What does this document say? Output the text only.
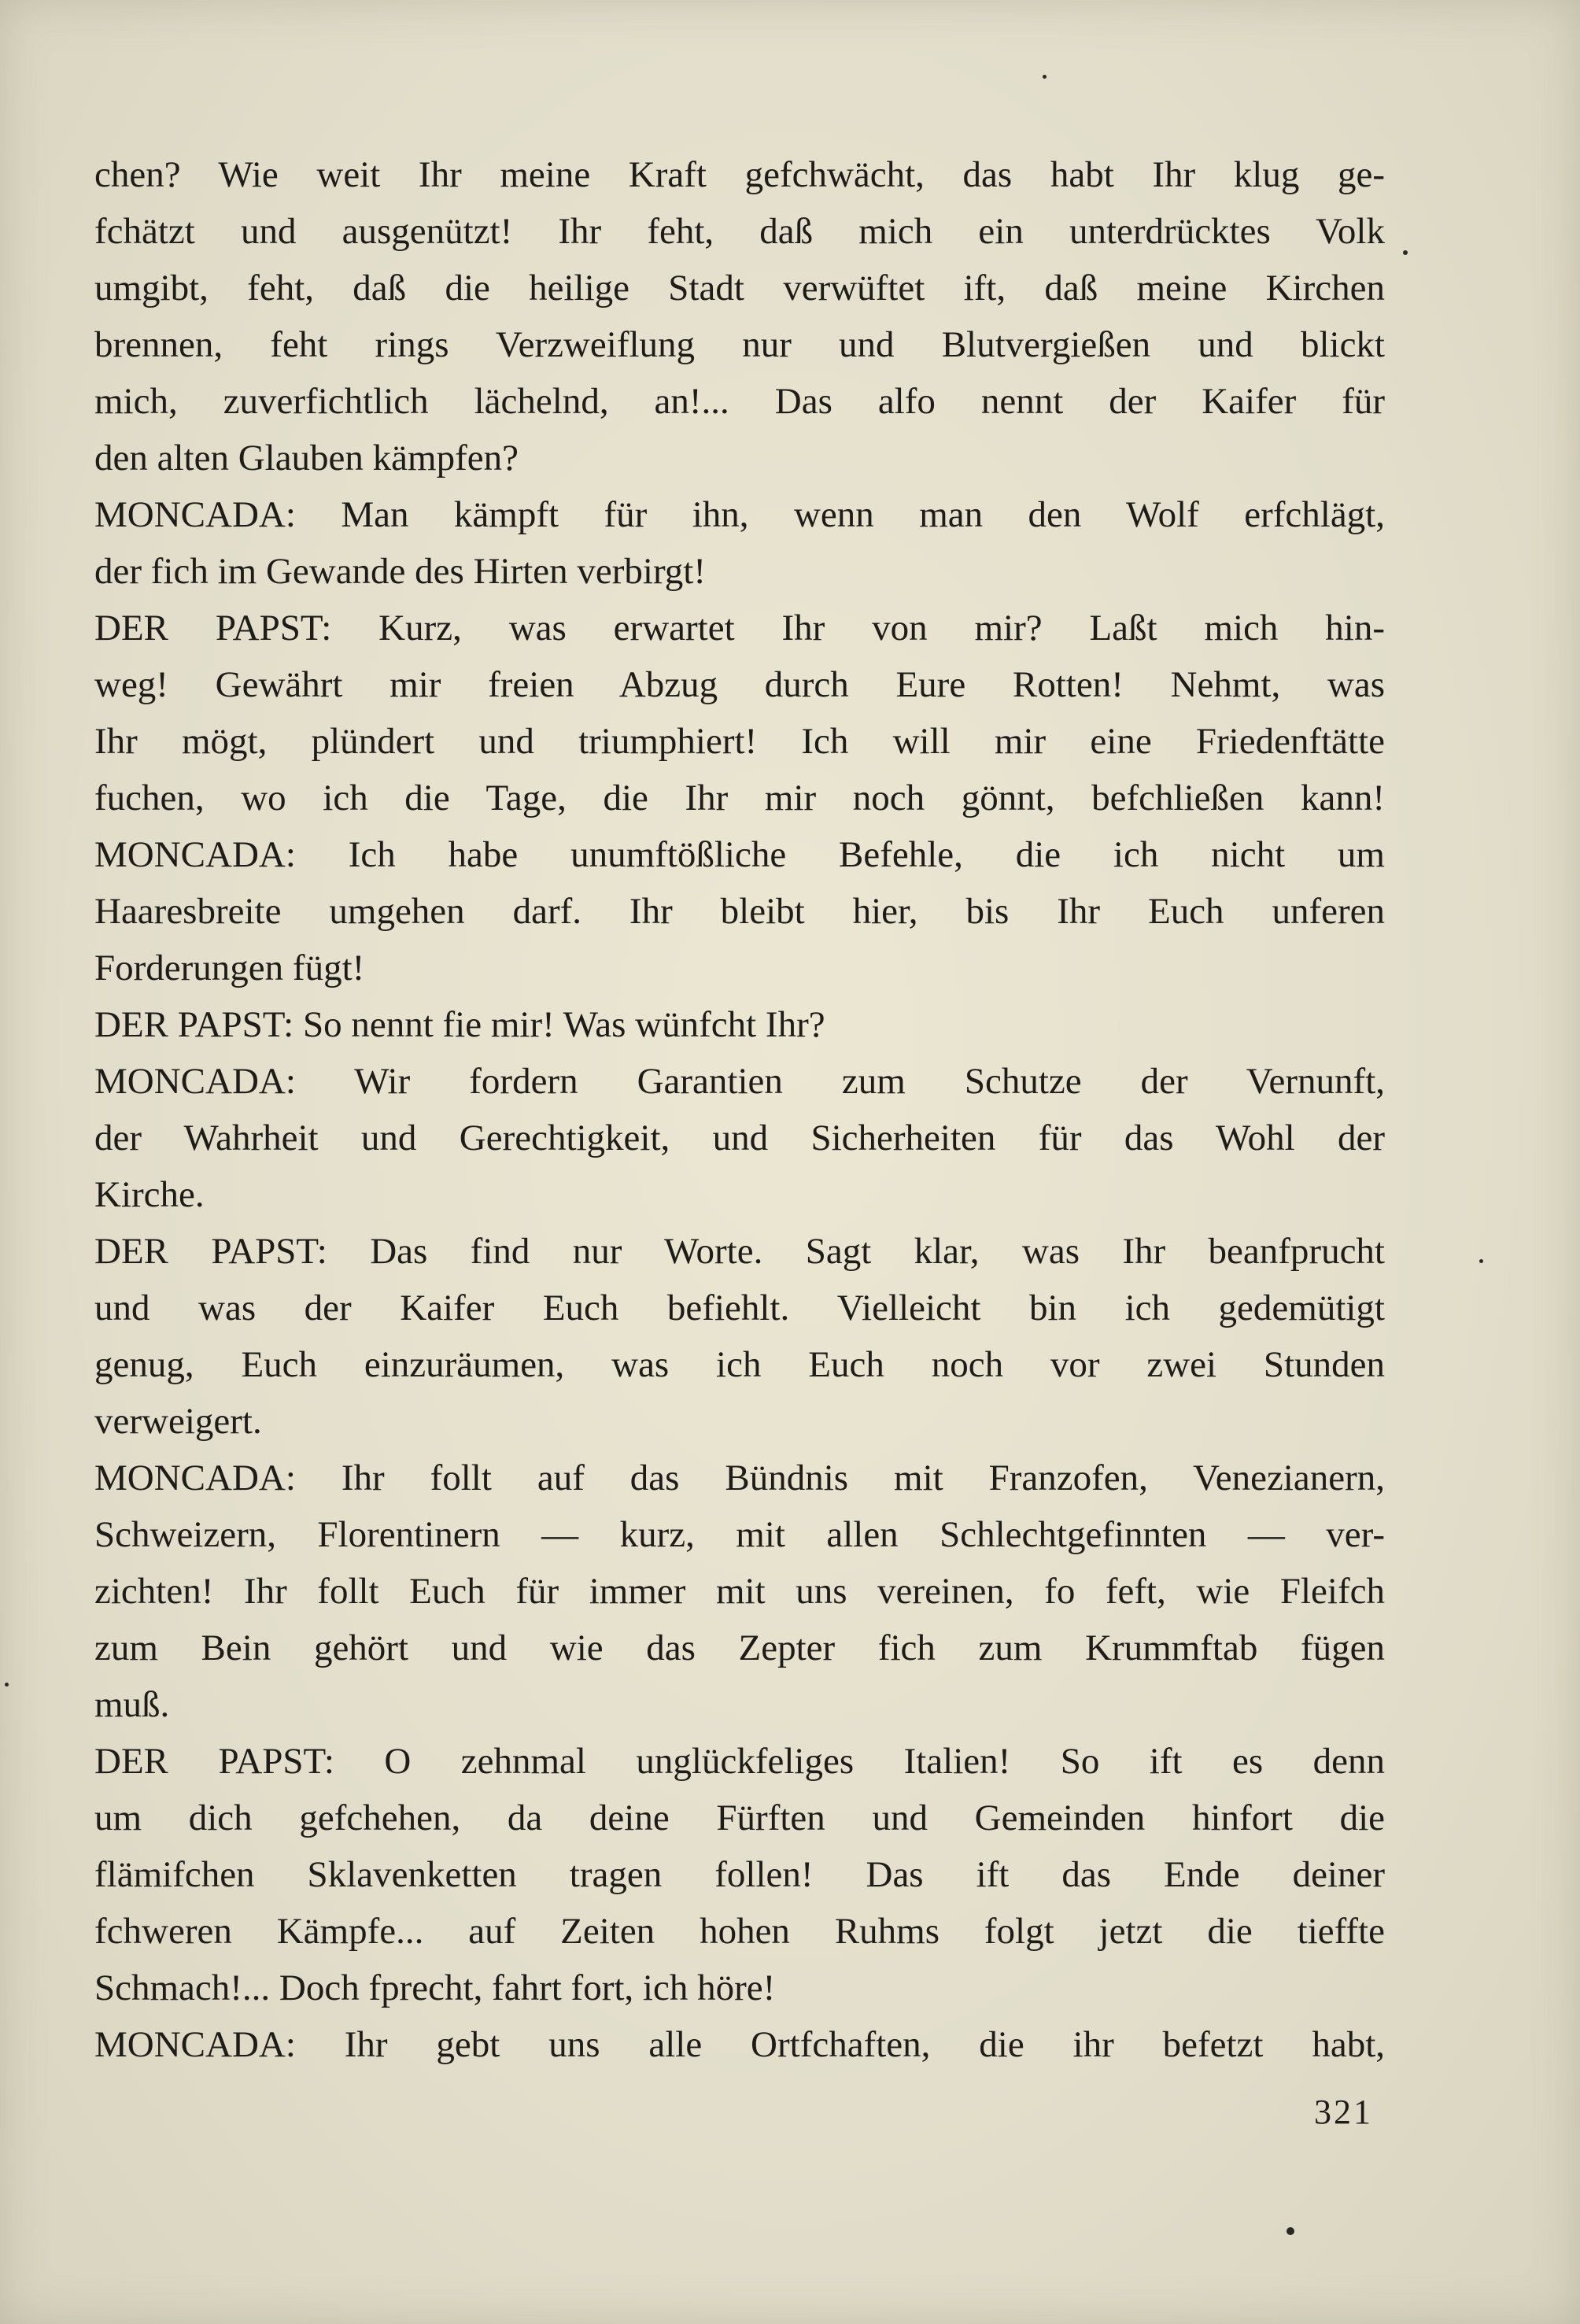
chen? Wie weit Ihr meine Kraft gefchwächt, das habt Ihr klug ge-
fchätzt und ausgenützt! Ihr feht, daß mich ein unterdrücktes Volk
umgibt, feht, daß die heilige Stadt verwüftet ift, daß meine Kirchen
brennen, feht rings Verzweiflung nur und Blutvergießen und blickt
mich, zuverfichtlich lächelnd, an!... Das alfo nennt der Kaifer für
den alten Glauben kämpfen?
MONCADA: Man kämpft für ihn, wenn man den Wolf erfchlägt,
der fich im Gewande des Hirten verbirgt!
DER PAPST: Kurz, was erwartet Ihr von mir? Laßt mich hin-
weg! Gewährt mir freien Abzug durch Eure Rotten! Nehmt, was
Ihr mögt, plündert und triumphiert! Ich will mir eine Friedenftätte
fuchen, wo ich die Tage, die Ihr mir noch gönnt, befchließen kann!
MONCADA: Ich habe unumftößliche Befehle, die ich nicht um
Haaresbreite umgehen darf. Ihr bleibt hier, bis Ihr Euch unferen
Forderungen fügt!
DER PAPST: So nennt fie mir! Was wünfcht Ihr?
MONCADA: Wir fordern Garantien zum Schutze der Vernunft,
der Wahrheit und Gerechtigkeit, und Sicherheiten für das Wohl der
Kirche.
DER PAPST: Das find nur Worte. Sagt klar, was Ihr beanfprucht
und was der Kaifer Euch befiehlt. Vielleicht bin ich gedemütigt
genug, Euch einzuräumen, was ich Euch noch vor zwei Stunden
verweigert.
MONCADA: Ihr follt auf das Bündnis mit Franzofen, Venezianern,
Schweizern, Florentinern — kurz, mit allen Schlechtgefinnten — ver-
zichten! Ihr follt Euch für immer mit uns vereinen, fo feft, wie Fleifch
zum Bein gehört und wie das Zepter fich zum Krummftab fügen
muß.
DER PAPST: O zehnmal unglückfeliges Italien! So ift es denn
um dich gefchehen, da deine Fürften und Gemeinden hinfort die
flämifchen Sklavenketten tragen follen! Das ift das Ende deiner
fchweren Kämpfe... auf Zeiten hohen Ruhms folgt jetzt die tieffte
Schmach!... Doch fprecht, fahrt fort, ich höre!
MONCADA: Ihr gebt uns alle Ortfchaften, die ihr befetzt habt,
321
